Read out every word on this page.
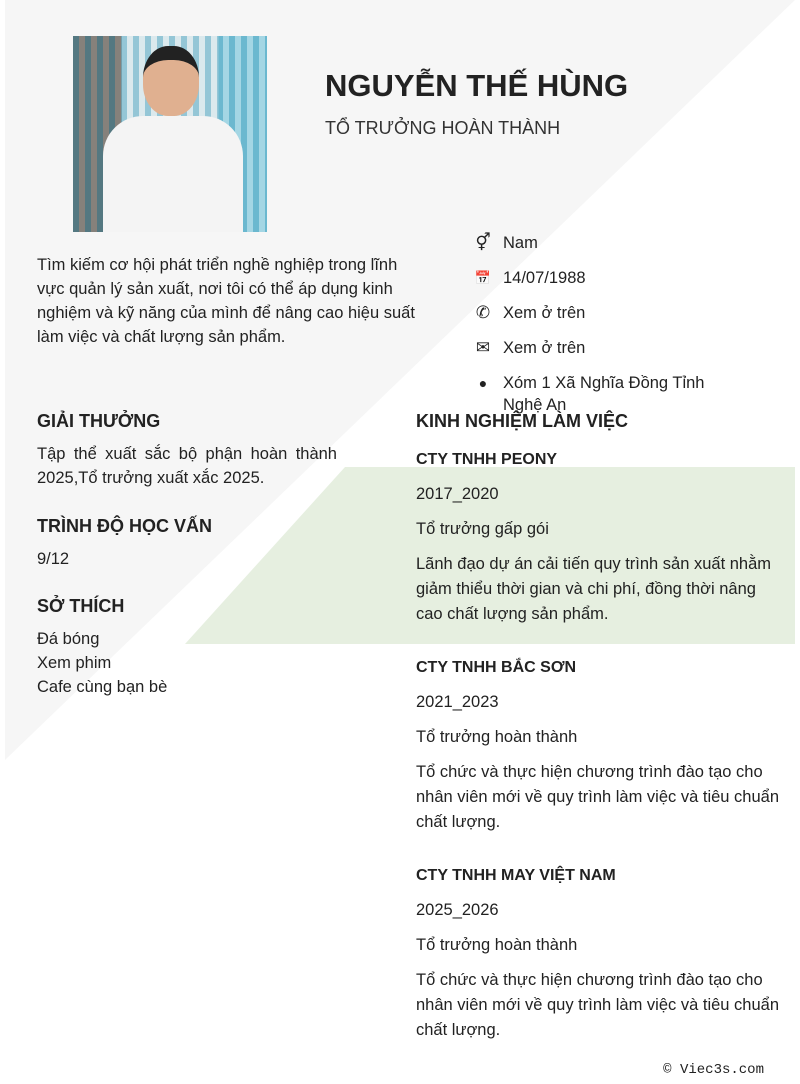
NGUYỄN THẾ HÙNG
TỔ TRƯỞNG HOÀN THÀNH
Tìm kiếm cơ hội phát triển nghề nghiệp trong lĩnh vực quản lý sản xuất, nơi tôi có thể áp dụng kinh nghiệm và kỹ năng của mình để nâng cao hiệu suất làm việc và chất lượng sản phẩm.
⚥ Nam
📅 14/07/1988
✆ Xem ở trên
✉ Xem ở trên
● Xóm 1 Xã Nghĩa Đồng Tỉnh Nghệ An
GIẢI THƯỞNG
Tập thể xuất sắc bộ phận hoàn thành 2025,Tổ trưởng xuất xắc 2025.
TRÌNH ĐỘ HỌC VẤN
9/12
SỞ THÍCH
Đá bóng
Xem phim
Cafe cùng bạn bè
KINH NGHIỆM LÀM VIỆC
CTY TNHH PEONY
2017_2020
Tổ trưởng gấp gói
Lãnh đạo dự án cải tiến quy trình sản xuất nhằm giảm thiểu thời gian và chi phí, đồng thời nâng cao chất lượng sản phẩm.
CTY TNHH BẮC SƠN
2021_2023
Tổ trưởng hoàn thành
Tổ chức và thực hiện chương trình đào tạo cho nhân viên mới về quy trình làm việc và tiêu chuẩn chất lượng.
CTY TNHH MAY VIỆT NAM
2025_2026
Tổ trưởng hoàn thành
Tổ chức và thực hiện chương trình đào tạo cho nhân viên mới về quy trình làm việc và tiêu chuẩn chất lượng.
© Viec3s.com
